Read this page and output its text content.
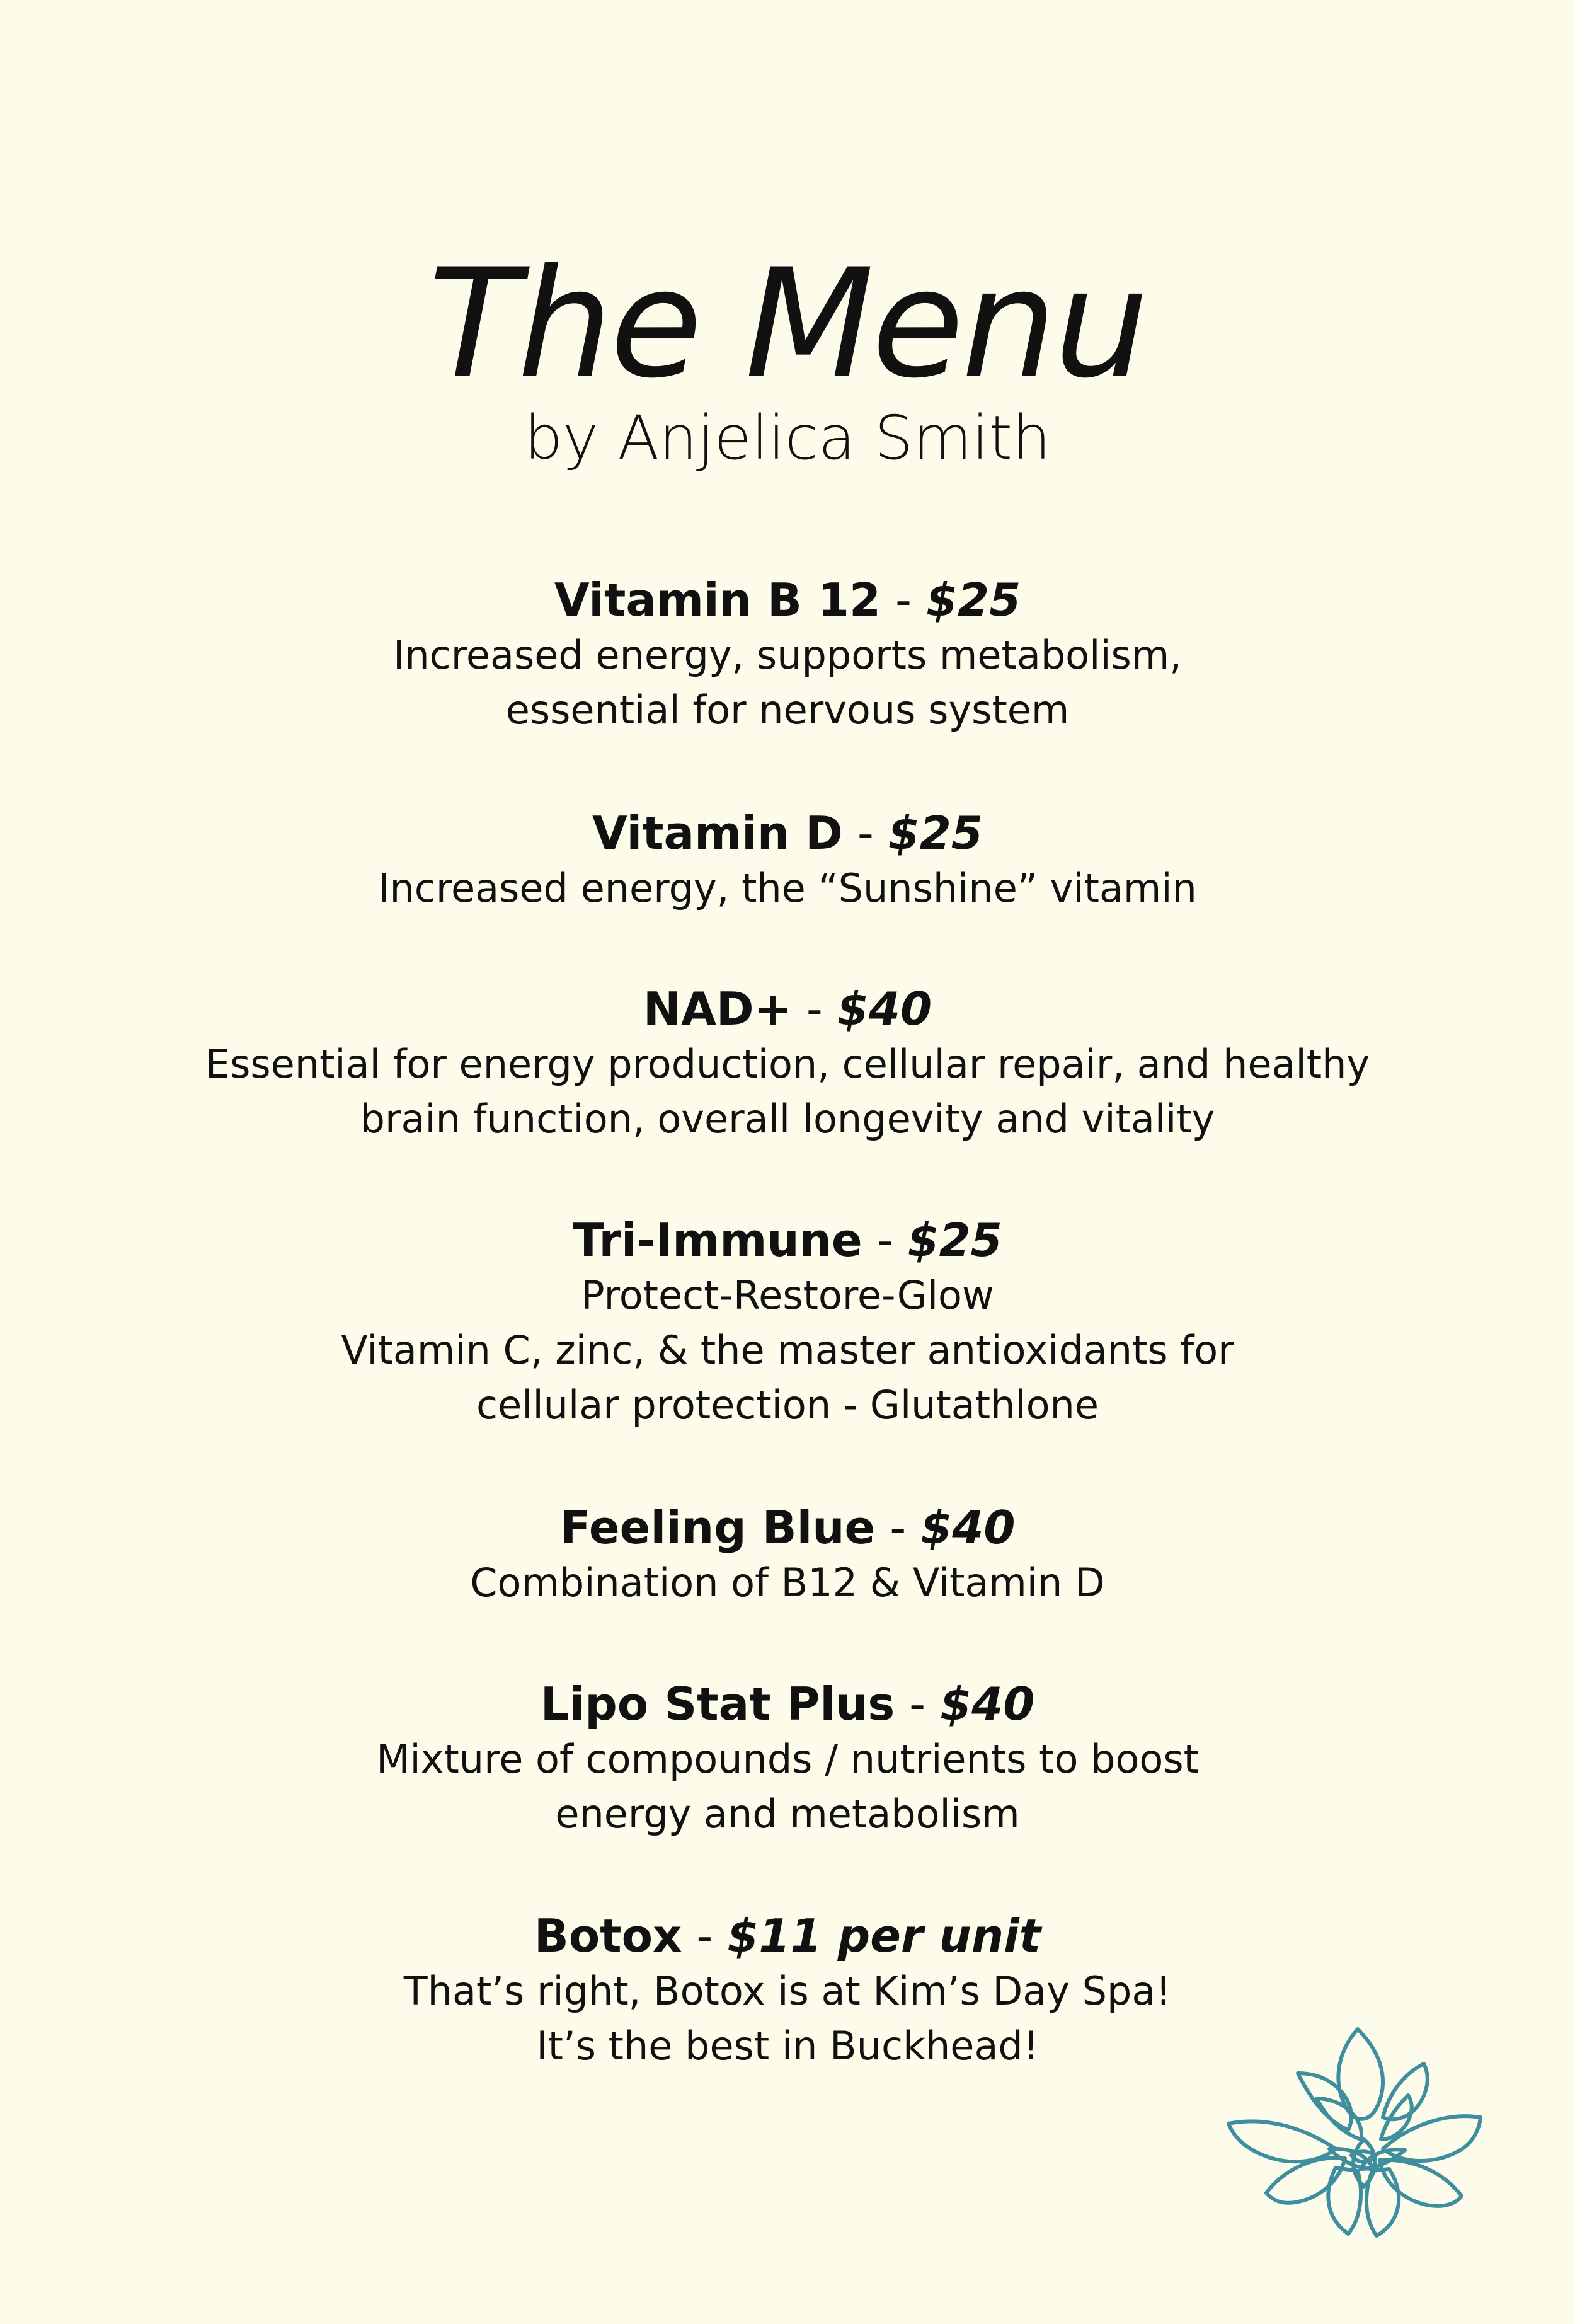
The Menu

by Anjelica Smith

Vitamin B 12 - $25
Increased energy, supports metabolism,
essential for nervous system
Vitamin D - $25
Increased energy, the “Sunshine” vitamin
NAD+ - $40
Essential for energy production, cellular repair, and healthy
brain function, overall longevity and vitality
Tri-Immune - $25
Protect-Restore-Glow
Vitamin C, zinc, & the master antioxidants for
cellular protection - Glutathlone
Feeling Blue - $40
Combination of B12 & Vitamin D
Lipo Stat Plus - $40
Mixture of compounds / nutrients to boost
energy and metabolism
Botox - $11 per unit
That’s right, Botox is at Kim’s Day Spa!
It’s the best in Buckhead!
